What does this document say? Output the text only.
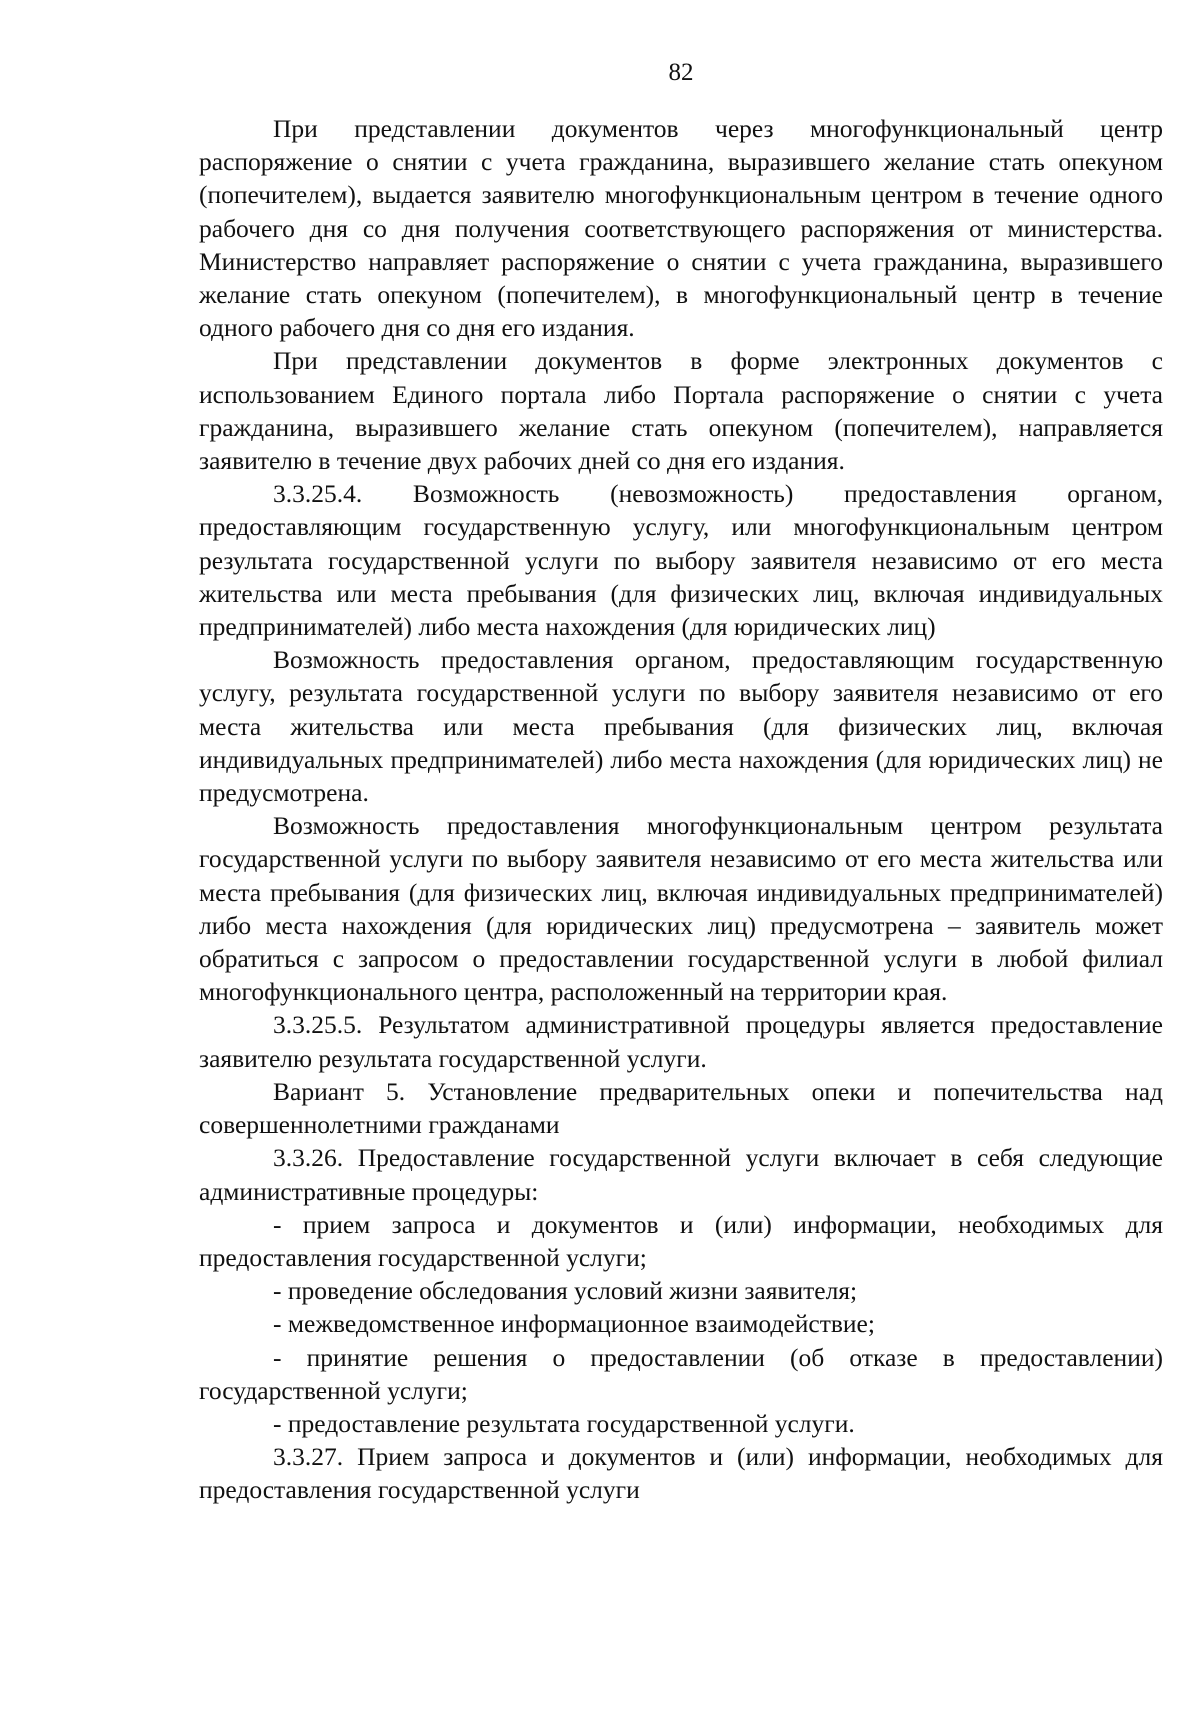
82

При представлении документов через многофункциональный центр распоряжение о снятии с учета гражданина, выразившего желание стать опекуном (попечителем), выдается заявителю многофункциональным центром в течение одного рабочего дня со дня получения соответствующего распоряжения от министерства. Министерство направляет распоряжение о снятии с учета гражданина, выразившего желание стать опекуном (попечителем), в многофункциональный центр в течение одного рабочего дня со дня его издания.

При представлении документов в форме электронных документов с использованием Единого портала либо Портала распоряжение о снятии с учета гражданина, выразившего желание стать опекуном (попечителем), направляется заявителю в течение двух рабочих дней со дня его издания.

3.3.25.4. Возможность (невозможность) предоставления органом, предоставляющим государственную услугу, или многофункциональным центром результата государственной услуги по выбору заявителя независимо от его места жительства или места пребывания (для физических лиц, включая индивидуальных предпринимателей) либо места нахождения (для юридических лиц)

Возможность предоставления органом, предоставляющим государственную услугу, результата государственной услуги по выбору заявителя независимо от его места жительства или места пребывания (для физических лиц, включая индивидуальных предпринимателей) либо места нахождения (для юридических лиц) не предусмотрена.

Возможность предоставления многофункциональным центром результата государственной услуги по выбору заявителя независимо от его места жительства или места пребывания (для физических лиц, включая индивидуальных предпринимателей) либо места нахождения (для юридических лиц) предусмотрена – заявитель может обратиться с запросом о предоставлении государственной услуги в любой филиал многофункционального центра, расположенный на территории края.

3.3.25.5. Результатом административной процедуры является предоставление заявителю результата государственной услуги.

Вариант 5. Установление предварительных опеки и попечительства над совершеннолетними гражданами

3.3.26. Предоставление государственной услуги включает в себя следующие административные процедуры:

- прием запроса и документов и (или) информации, необходимых для предоставления государственной услуги;

- проведение обследования условий жизни заявителя;

- межведомственное информационное взаимодействие;

- принятие решения о предоставлении (об отказе в предоставлении) государственной услуги;

- предоставление результата государственной услуги.

3.3.27. Прием запроса и документов и (или) информации, необходимых для предоставления государственной услуги
